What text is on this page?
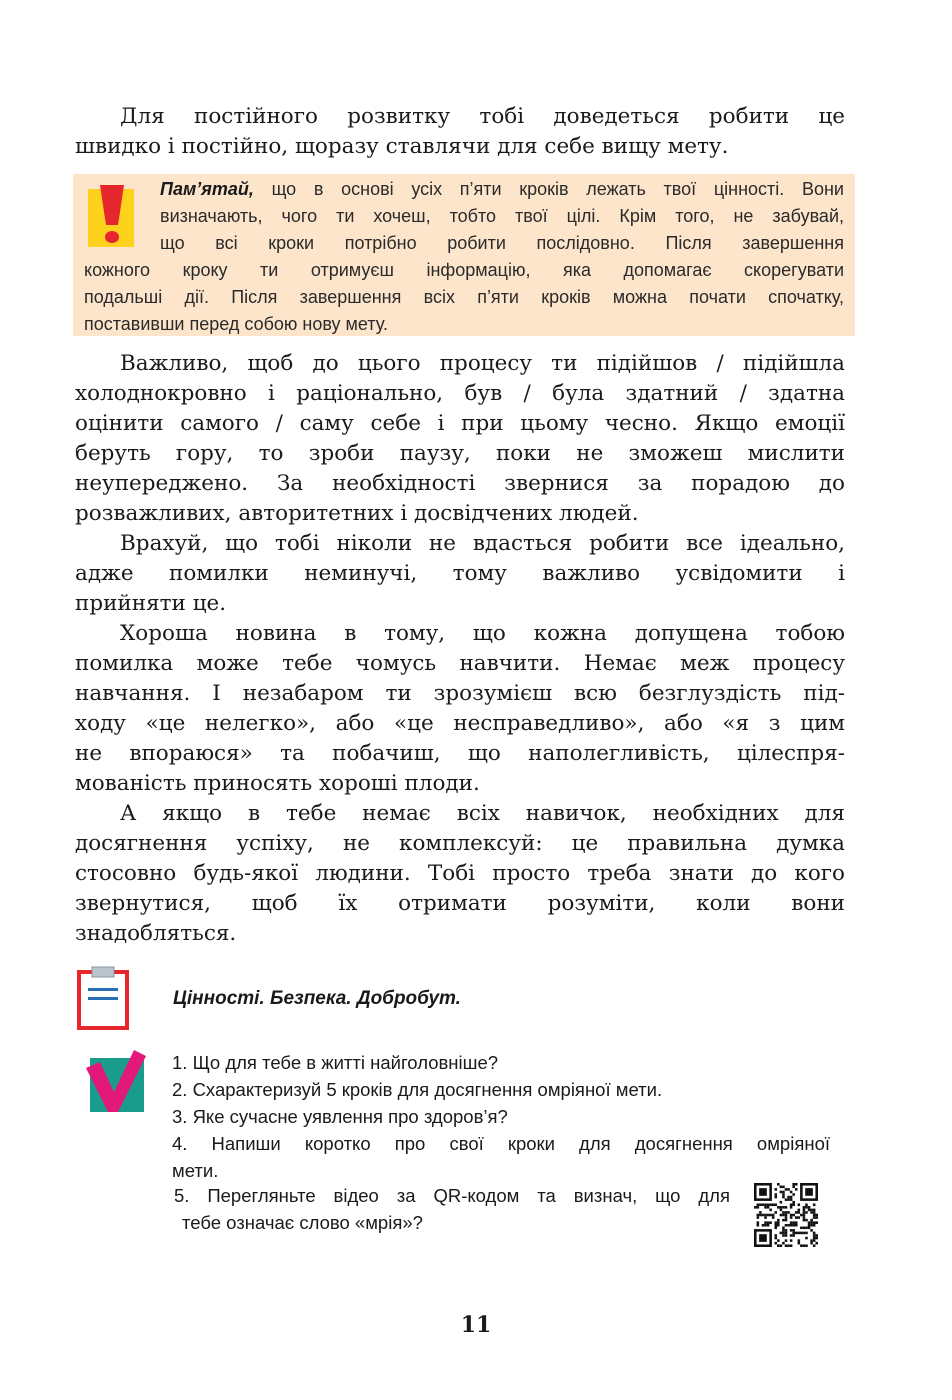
Для постійного розвитку тобі доведеться робити це
швидко і постійно, щоразу ставлячи для себе вищу мету.
Пам’ятай, що в основі усіх п’яти кроків лежать твої цінності. Вони
визначають, чого ти хочеш, тобто твої цілі. Крім того, не забувай,
що всі кроки потрібно робити послідовно. Після завершення
кожного кроку ти отримуєш інформацію, яка допомагає скорегувати
подальші дії. Після завершення всіх п’яти кроків можна почати спочатку,
поставивши перед собою нову мету.
Важливо, щоб до цього процесу ти підійшов / підійшла
холоднокровно і раціонально, був / була здатний / здатна
оцінити самого / саму себе і при цьому чесно. Якщо емоції
беруть гору, то зроби паузу, поки не зможеш мислити
неупереджено. За необхідності звернися за порадою до
розважливих, авторитетних і досвідчених людей.
Врахуй, що тобі ніколи не вдасться робити все ідеально,
адже помилки неминучі, тому важливо усвідомити і
прийняти це.
Хороша новина в тому, що кожна допущена тобою
помилка може тебе чомусь навчити. Немає меж процесу
навчання. І незабаром ти зрозумієш всю безглуздість під-
ходу «це нелегко», або «це несправедливо», або «я з цим
не впораюся» та побачиш, що наполегливість, цілеспря-
мованість приносять хороші плоди.
А якщо в тебе немає всіх навичок, необхідних для
досягнення успіху, не комплексуй: це правильна думка
стосовно будь-якої людини. Тобі просто треба знати до кого
звернутися, щоб їх отримати розуміти, коли вони
знадобляться.
Цінності. Безпека. Добробут.
1. Що для тебе в житті найголовніше?
2. Схарактеризуй 5 кроків для досягнення омріяної мети.
3. Яке сучасне уявлення про здоров’я?
4. Напиши коротко про свої кроки для досягнення омріяної
мети.
5. Перегляньте відео за QR-кодом та визнач, що для
тебе означає слово «мрія»?
11
